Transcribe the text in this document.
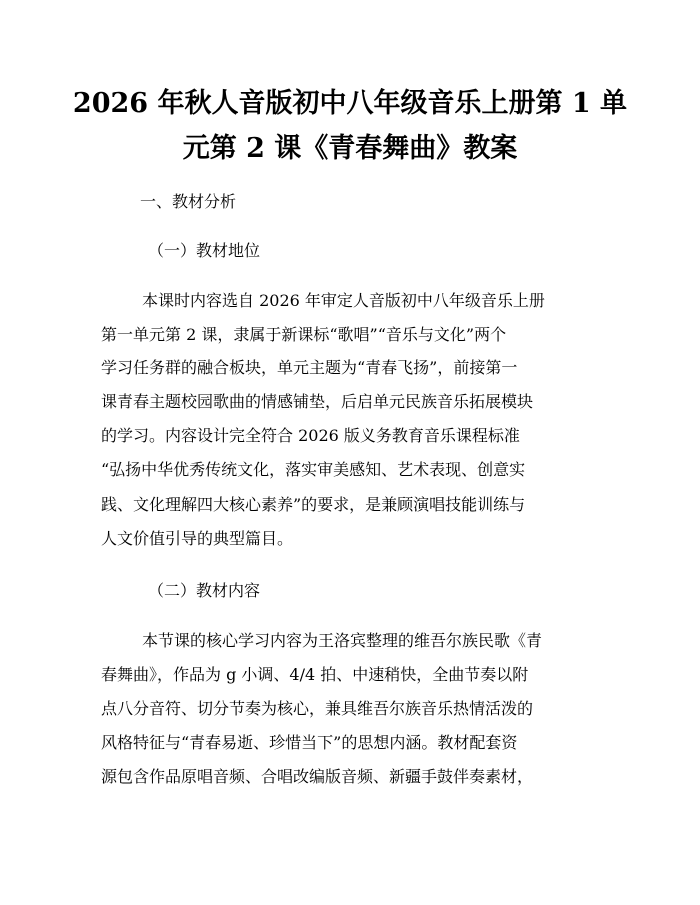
2026 年秋人音版初中八年级音乐上册第 1 单
元第 2 课《青春舞曲》教案
一、教材分析
（一）教材地位
本课时内容选自 2026 年审定人音版初中八年级音乐上册
第一单元第 2 课，隶属于新课标“歌唱”“音乐与文化”两个
学习任务群的融合板块，单元主题为“青春飞扬”，前接第一
课青春主题校园歌曲的情感铺垫，后启单元民族音乐拓展模块
的学习。内容设计完全符合 2026 版义务教育音乐课程标准
“弘扬中华优秀传统文化，落实审美感知、艺术表现、创意实
践、文化理解四大核心素养”的要求，是兼顾演唱技能训练与
人文价值引导的典型篇目。
（二）教材内容
本节课的核心学习内容为王洛宾整理的维吾尔族民歌《青
春舞曲》，作品为 g 小调、4/4 拍、中速稍快，全曲节奏以附
点八分音符、切分节奏为核心，兼具维吾尔族音乐热情活泼的
风格特征与“青春易逝、珍惜当下”的思想内涵。教材配套资
源包含作品原唱音频、合唱改编版音频、新疆手鼓伴奏素材，
